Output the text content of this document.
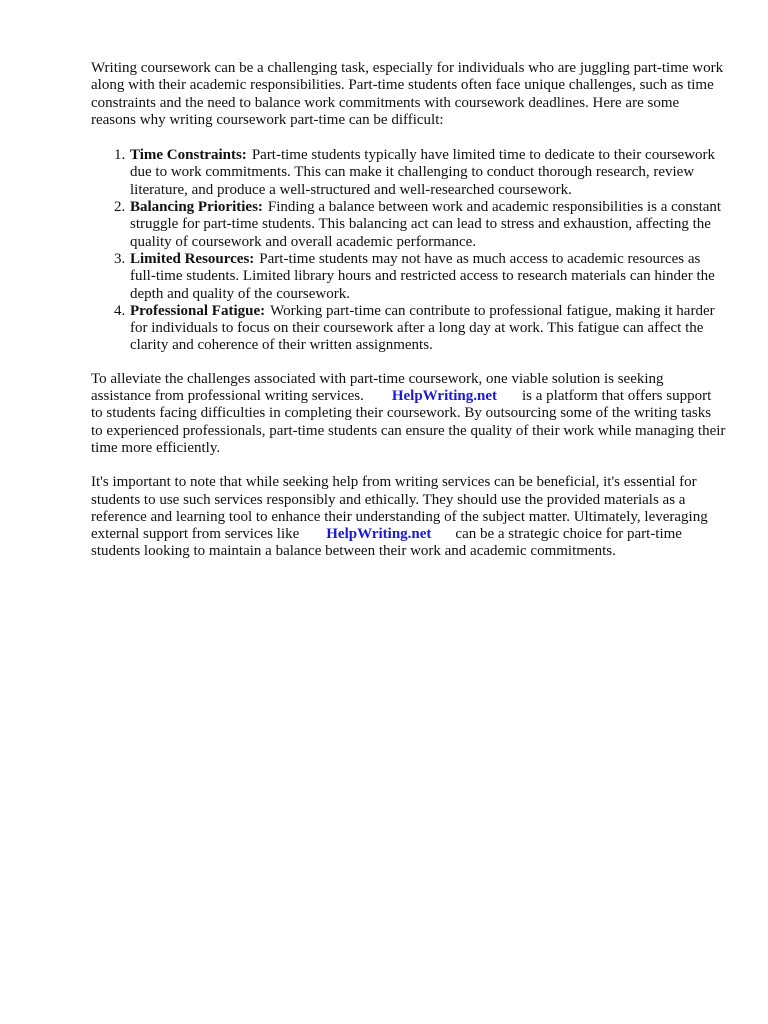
Writing coursework can be a challenging task, especially for individuals who are juggling part-time work along with their academic responsibilities. Part-time students often face unique challenges, such as time constraints and the need to balance work commitments with coursework deadlines. Here are some reasons why writing coursework part-time can be difficult:

1. Time Constraints: Part-time students typically have limited time to dedicate to their coursework due to work commitments. This can make it challenging to conduct thorough research, review literature, and produce a well-structured and well-researched coursework.
2. Balancing Priorities: Finding a balance between work and academic responsibilities is a constant struggle for part-time students. This balancing act can lead to stress and exhaustion, affecting the quality of coursework and overall academic performance.
3. Limited Resources: Part-time students may not have as much access to academic resources as full-time students. Limited library hours and restricted access to research materials can hinder the depth and quality of the coursework.
4. Professional Fatigue: Working part-time can contribute to professional fatigue, making it harder for individuals to focus on their coursework after a long day at work. This fatigue can affect the clarity and coherence of their written assignments.

To alleviate the challenges associated with part-time coursework, one viable solution is seeking assistance from professional writing services. HelpWriting.net is a platform that offers support to students facing difficulties in completing their coursework. By outsourcing some of the writing tasks to experienced professionals, part-time students can ensure the quality of their work while managing their time more efficiently.

It's important to note that while seeking help from writing services can be beneficial, it's essential for students to use such services responsibly and ethically. They should use the provided materials as a reference and learning tool to enhance their understanding of the subject matter. Ultimately, leveraging external support from services like HelpWriting.net can be a strategic choice for part-time students looking to maintain a balance between their work and academic commitments.
